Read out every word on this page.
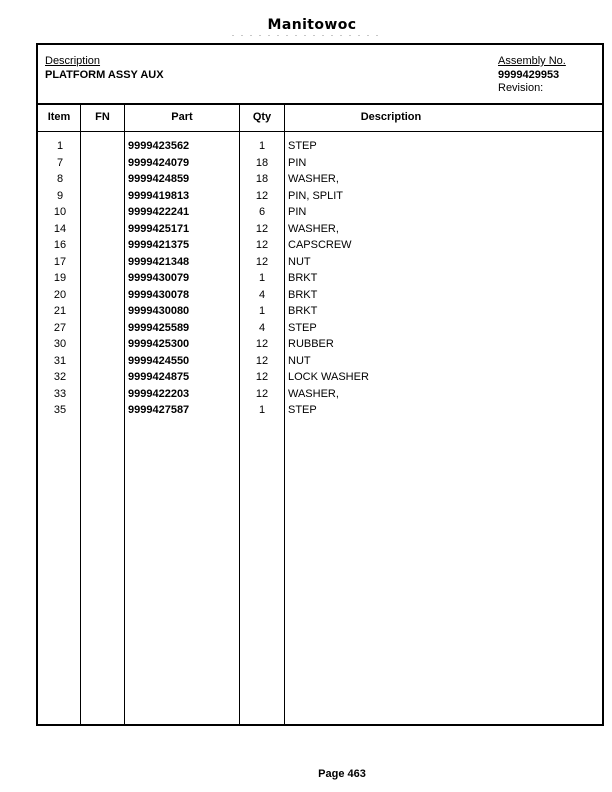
Manitowoc
Description
PLATFORM ASSY AUX
Assembly No.
9999429953
Revision:
Item	FN	Part	Qty	Description
1	9999423562	1	STEP
7	9999424079	18	PIN
8	9999424859	18	WASHER,
9	9999419813	12	PIN, SPLIT
10	9999422241	6	PIN
14	9999425171	12	WASHER,
16	9999421375	12	CAPSCREW
17	9999421348	12	NUT
19	9999430079	1	BRKT
20	9999430078	4	BRKT
21	9999430080	1	BRKT
27	9999425589	4	STEP
30	9999425300	12	RUBBER
31	9999424550	12	NUT
32	9999424875	12	LOCK WASHER
33	9999422203	12	WASHER,
35	9999427587	1	STEP
Page 463
